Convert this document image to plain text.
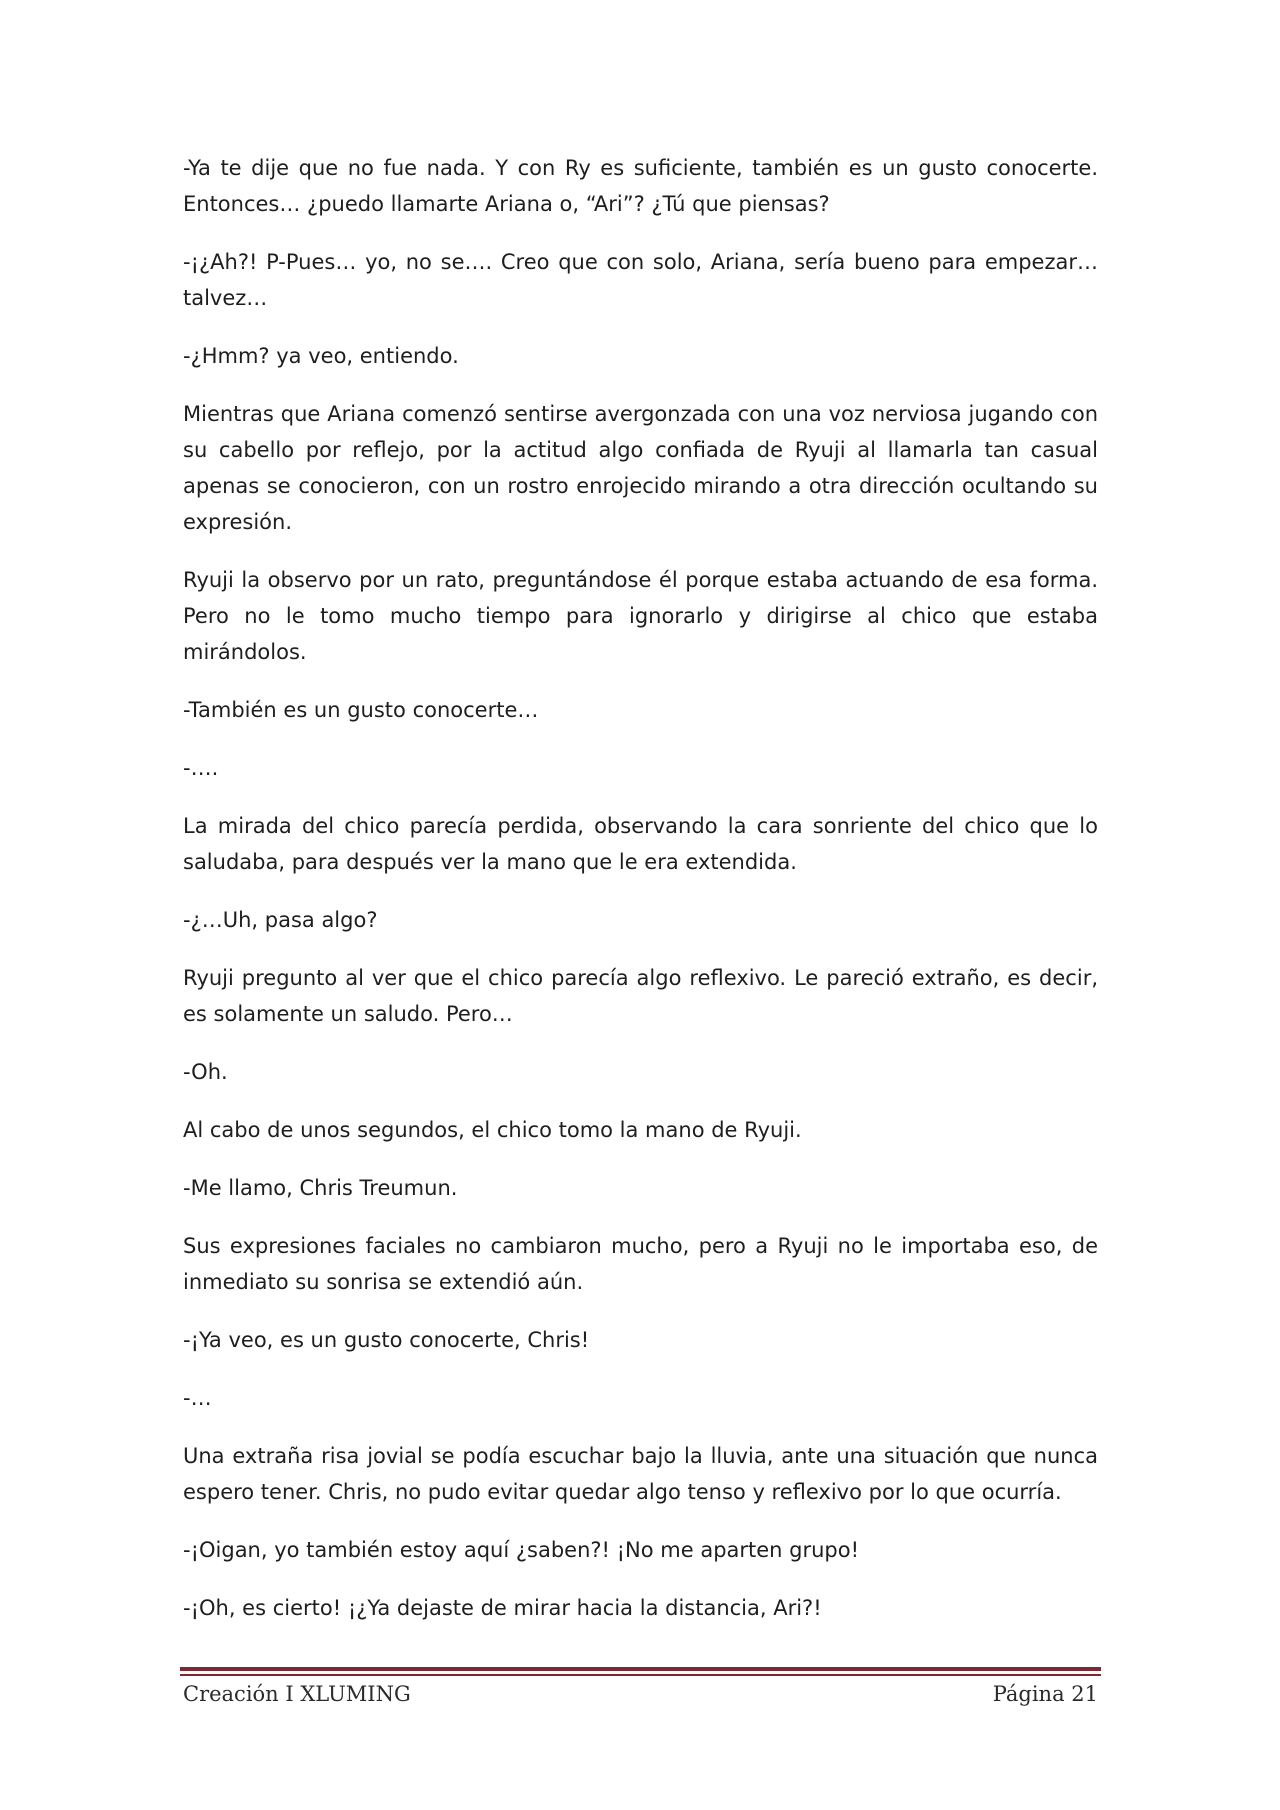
-Ya te dije que no fue nada. Y con Ry es suficiente, también es un gusto conocerte. Entonces… ¿puedo llamarte Ariana o, “Ari”? ¿Tú que piensas?

-¡¿Ah?! P-Pues… yo, no se…. Creo que con solo, Ariana, sería bueno para empezar… talvez…

-¿Hmm? ya veo, entiendo.

Mientras que Ariana comenzó sentirse avergonzada con una voz nerviosa jugando con su cabello por reflejo, por la actitud algo confiada de Ryuji al llamarla tan casual apenas se conocieron, con un rostro enrojecido mirando a otra dirección ocultando su expresión.

Ryuji la observo por un rato, preguntándose él porque estaba actuando de esa forma. Pero no le tomo mucho tiempo para ignorarlo y dirigirse al chico que estaba mirándolos.

-También es un gusto conocerte…

-….

La mirada del chico parecía perdida, observando la cara sonriente del chico que lo saludaba, para después ver la mano que le era extendida.

-¿…Uh, pasa algo?

Ryuji pregunto al ver que el chico parecía algo reflexivo. Le pareció extraño, es decir, es solamente un saludo. Pero…

-Oh.

Al cabo de unos segundos, el chico tomo la mano de Ryuji.

-Me llamo, Chris Treumun.

Sus expresiones faciales no cambiaron mucho, pero a Ryuji no le importaba eso, de inmediato su sonrisa se extendió aún.

-¡Ya veo, es un gusto conocerte, Chris!

-…

Una extraña risa jovial se podía escuchar bajo la lluvia, ante una situación que nunca espero tener. Chris, no pudo evitar quedar algo tenso y reflexivo por lo que ocurría.

-¡Oigan, yo también estoy aquí ¿saben?! ¡No me aparten grupo!

-¡Oh, es cierto! ¡¿Ya dejaste de mirar hacia la distancia, Ari?!

Creación I XLUMING	Página 21
